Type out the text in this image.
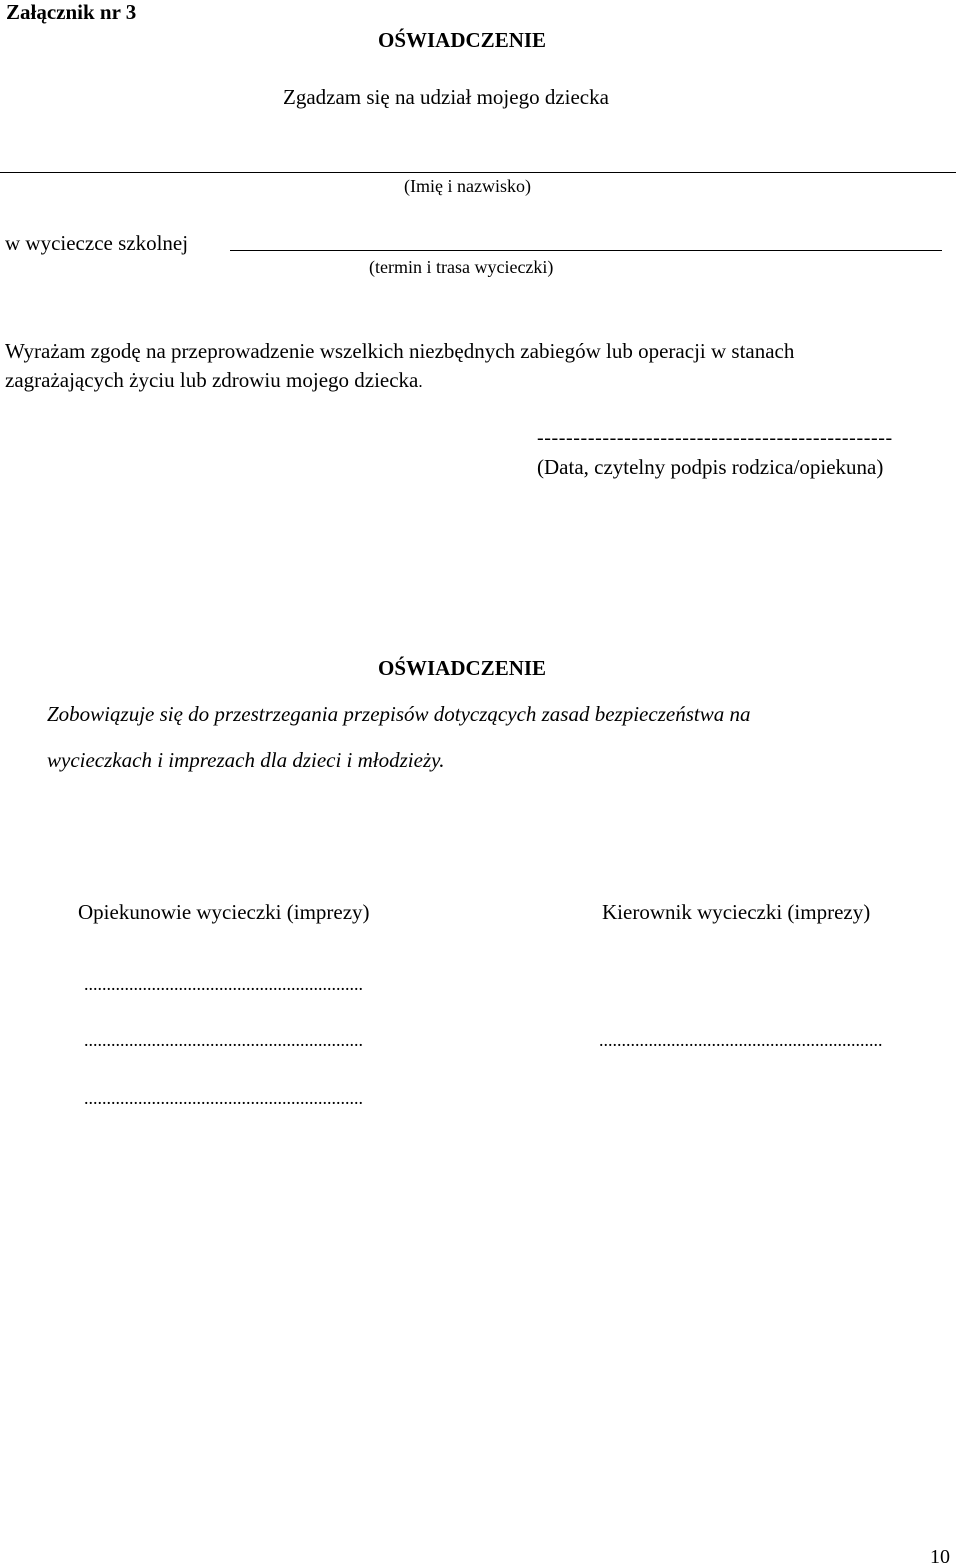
Załącznik nr 3
OŚWIADCZENIE
Zgadzam się na udział mojego dziecka
(Imię i nazwisko)
w wycieczce szkolnej
(termin i trasa wycieczki)
Wyrażam zgodę na przeprowadzenie wszelkich niezbędnych zabiegów lub operacji w stanach
zagrażających życiu lub zdrowiu mojego dziecka.
-------------------------------------------------
(Data, czytelny podpis rodzica/opiekuna)
OŚWIADCZENIE
Zobowiązuje się do przestrzegania przepisów dotyczących zasad bezpieczeństwa na
wycieczkach i imprezach dla dzieci i młodzieży.
Opiekunowie wycieczki (imprezy)	Kierownik wycieczki (imprezy)
..............................................................
..............................................................	...............................................................
..............................................................
10
